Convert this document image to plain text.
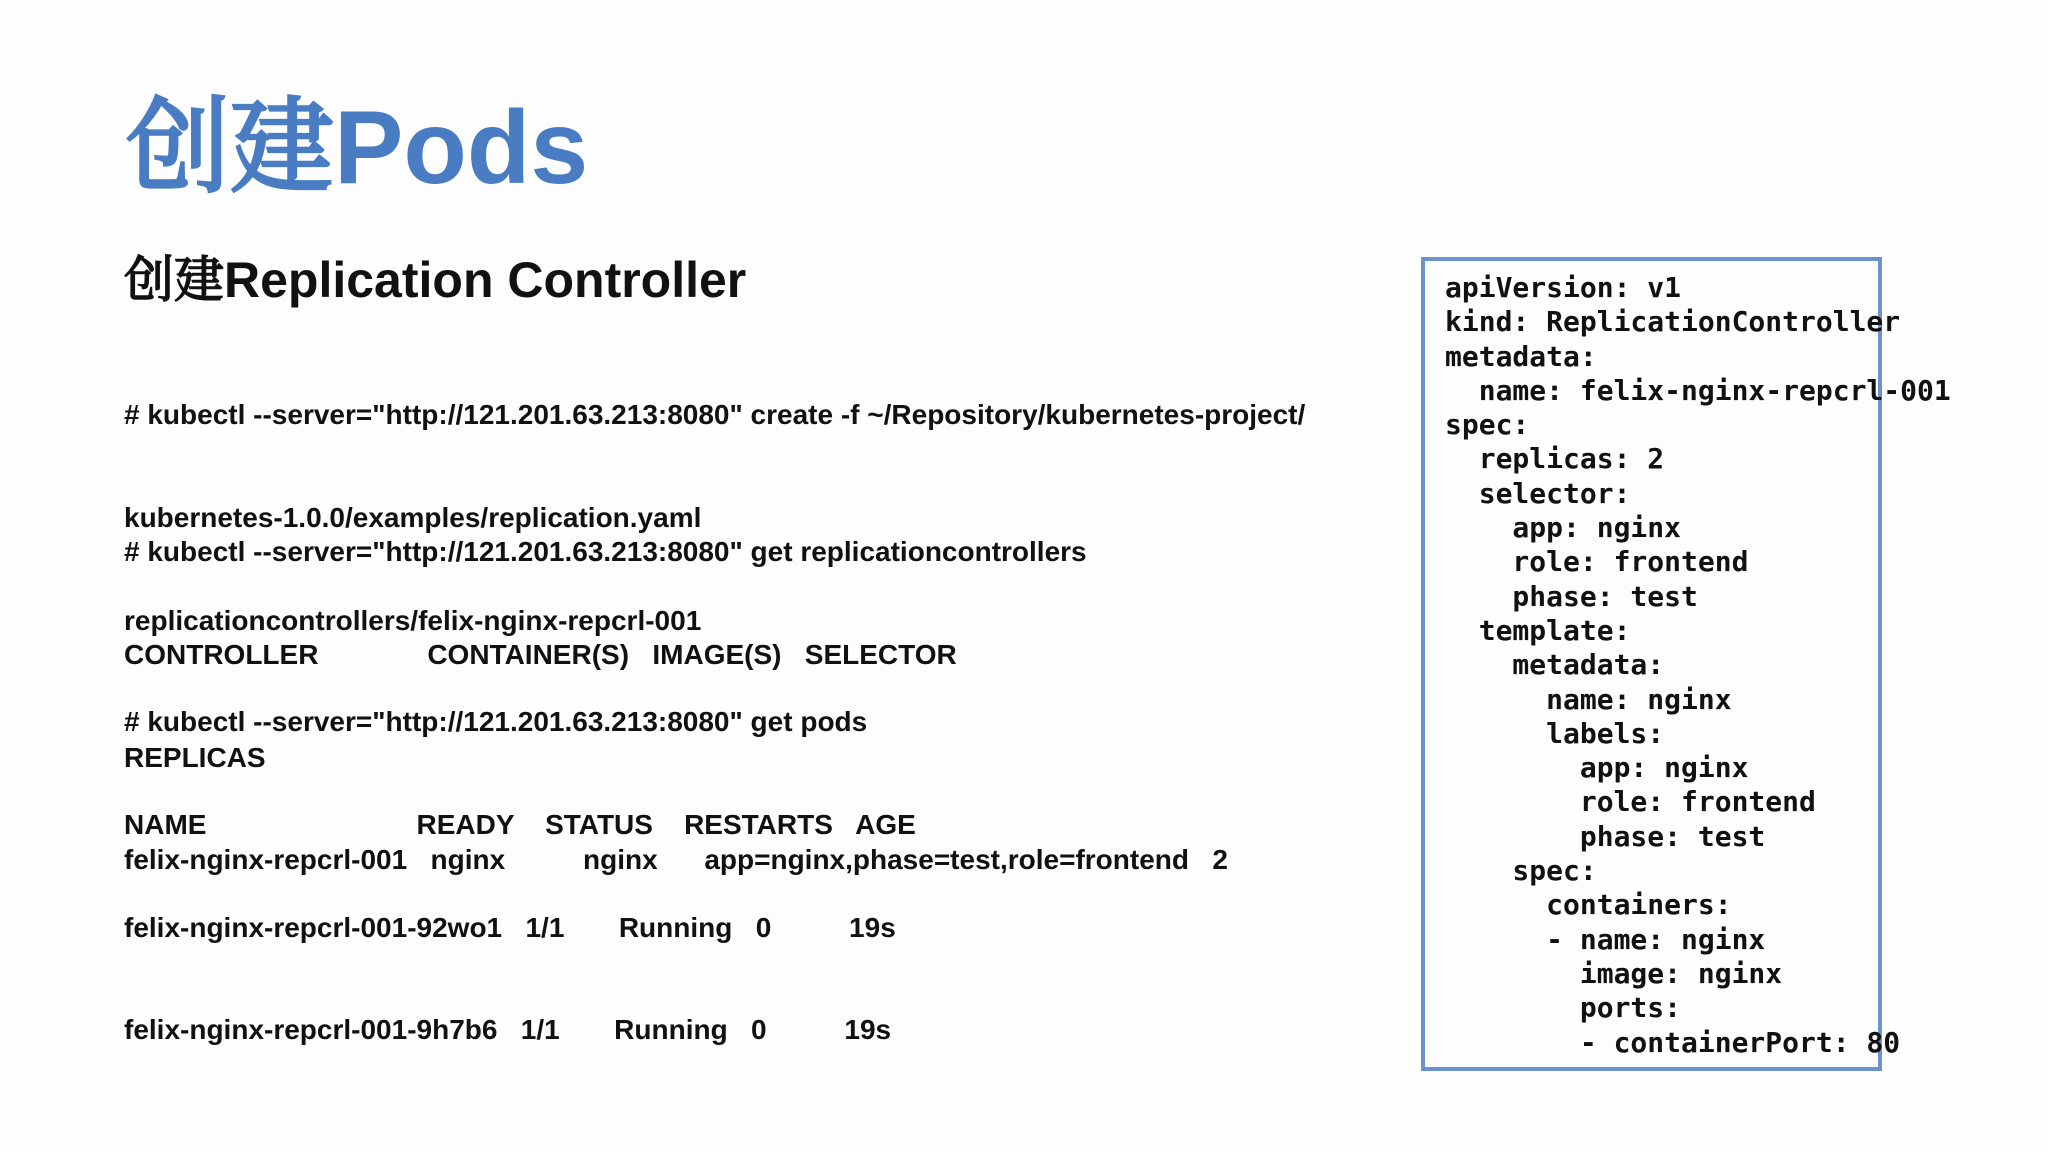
创建Pods
创建Replication Controller

# kubectl --server="http://121.201.63.213:8080" create -f ~/Repository/kubernetes-project/

kubernetes-1.0.0/examples/replication.yaml

replicationcontrollers/felix-nginx-repcrl-001

# kubectl --server="http://121.201.63.213:8080" get replicationcontrollers

CONTROLLER              CONTAINER(S)   IMAGE(S)   SELECTOR

REPLICAS

felix-nginx-repcrl-001   nginx          nginx      app=nginx,phase=test,role=frontend   2

# kubectl --server="http://121.201.63.213:8080" get pods

NAME                           READY    STATUS    RESTARTS   AGE

felix-nginx-repcrl-001-92wo1   1/1       Running   0          19s

felix-nginx-repcrl-001-9h7b6   1/1       Running   0          19s

apiVersion: v1
kind: ReplicationController
metadata:
name: felix-nginx-repcrl-001
spec:
replicas: 2
selector:
app: nginx
role: frontend
phase: test
template:
metadata:
name: nginx
labels:
app: nginx
role: frontend
phase: test
spec:
containers:
- name: nginx
image: nginx
ports:
- containerPort: 80
